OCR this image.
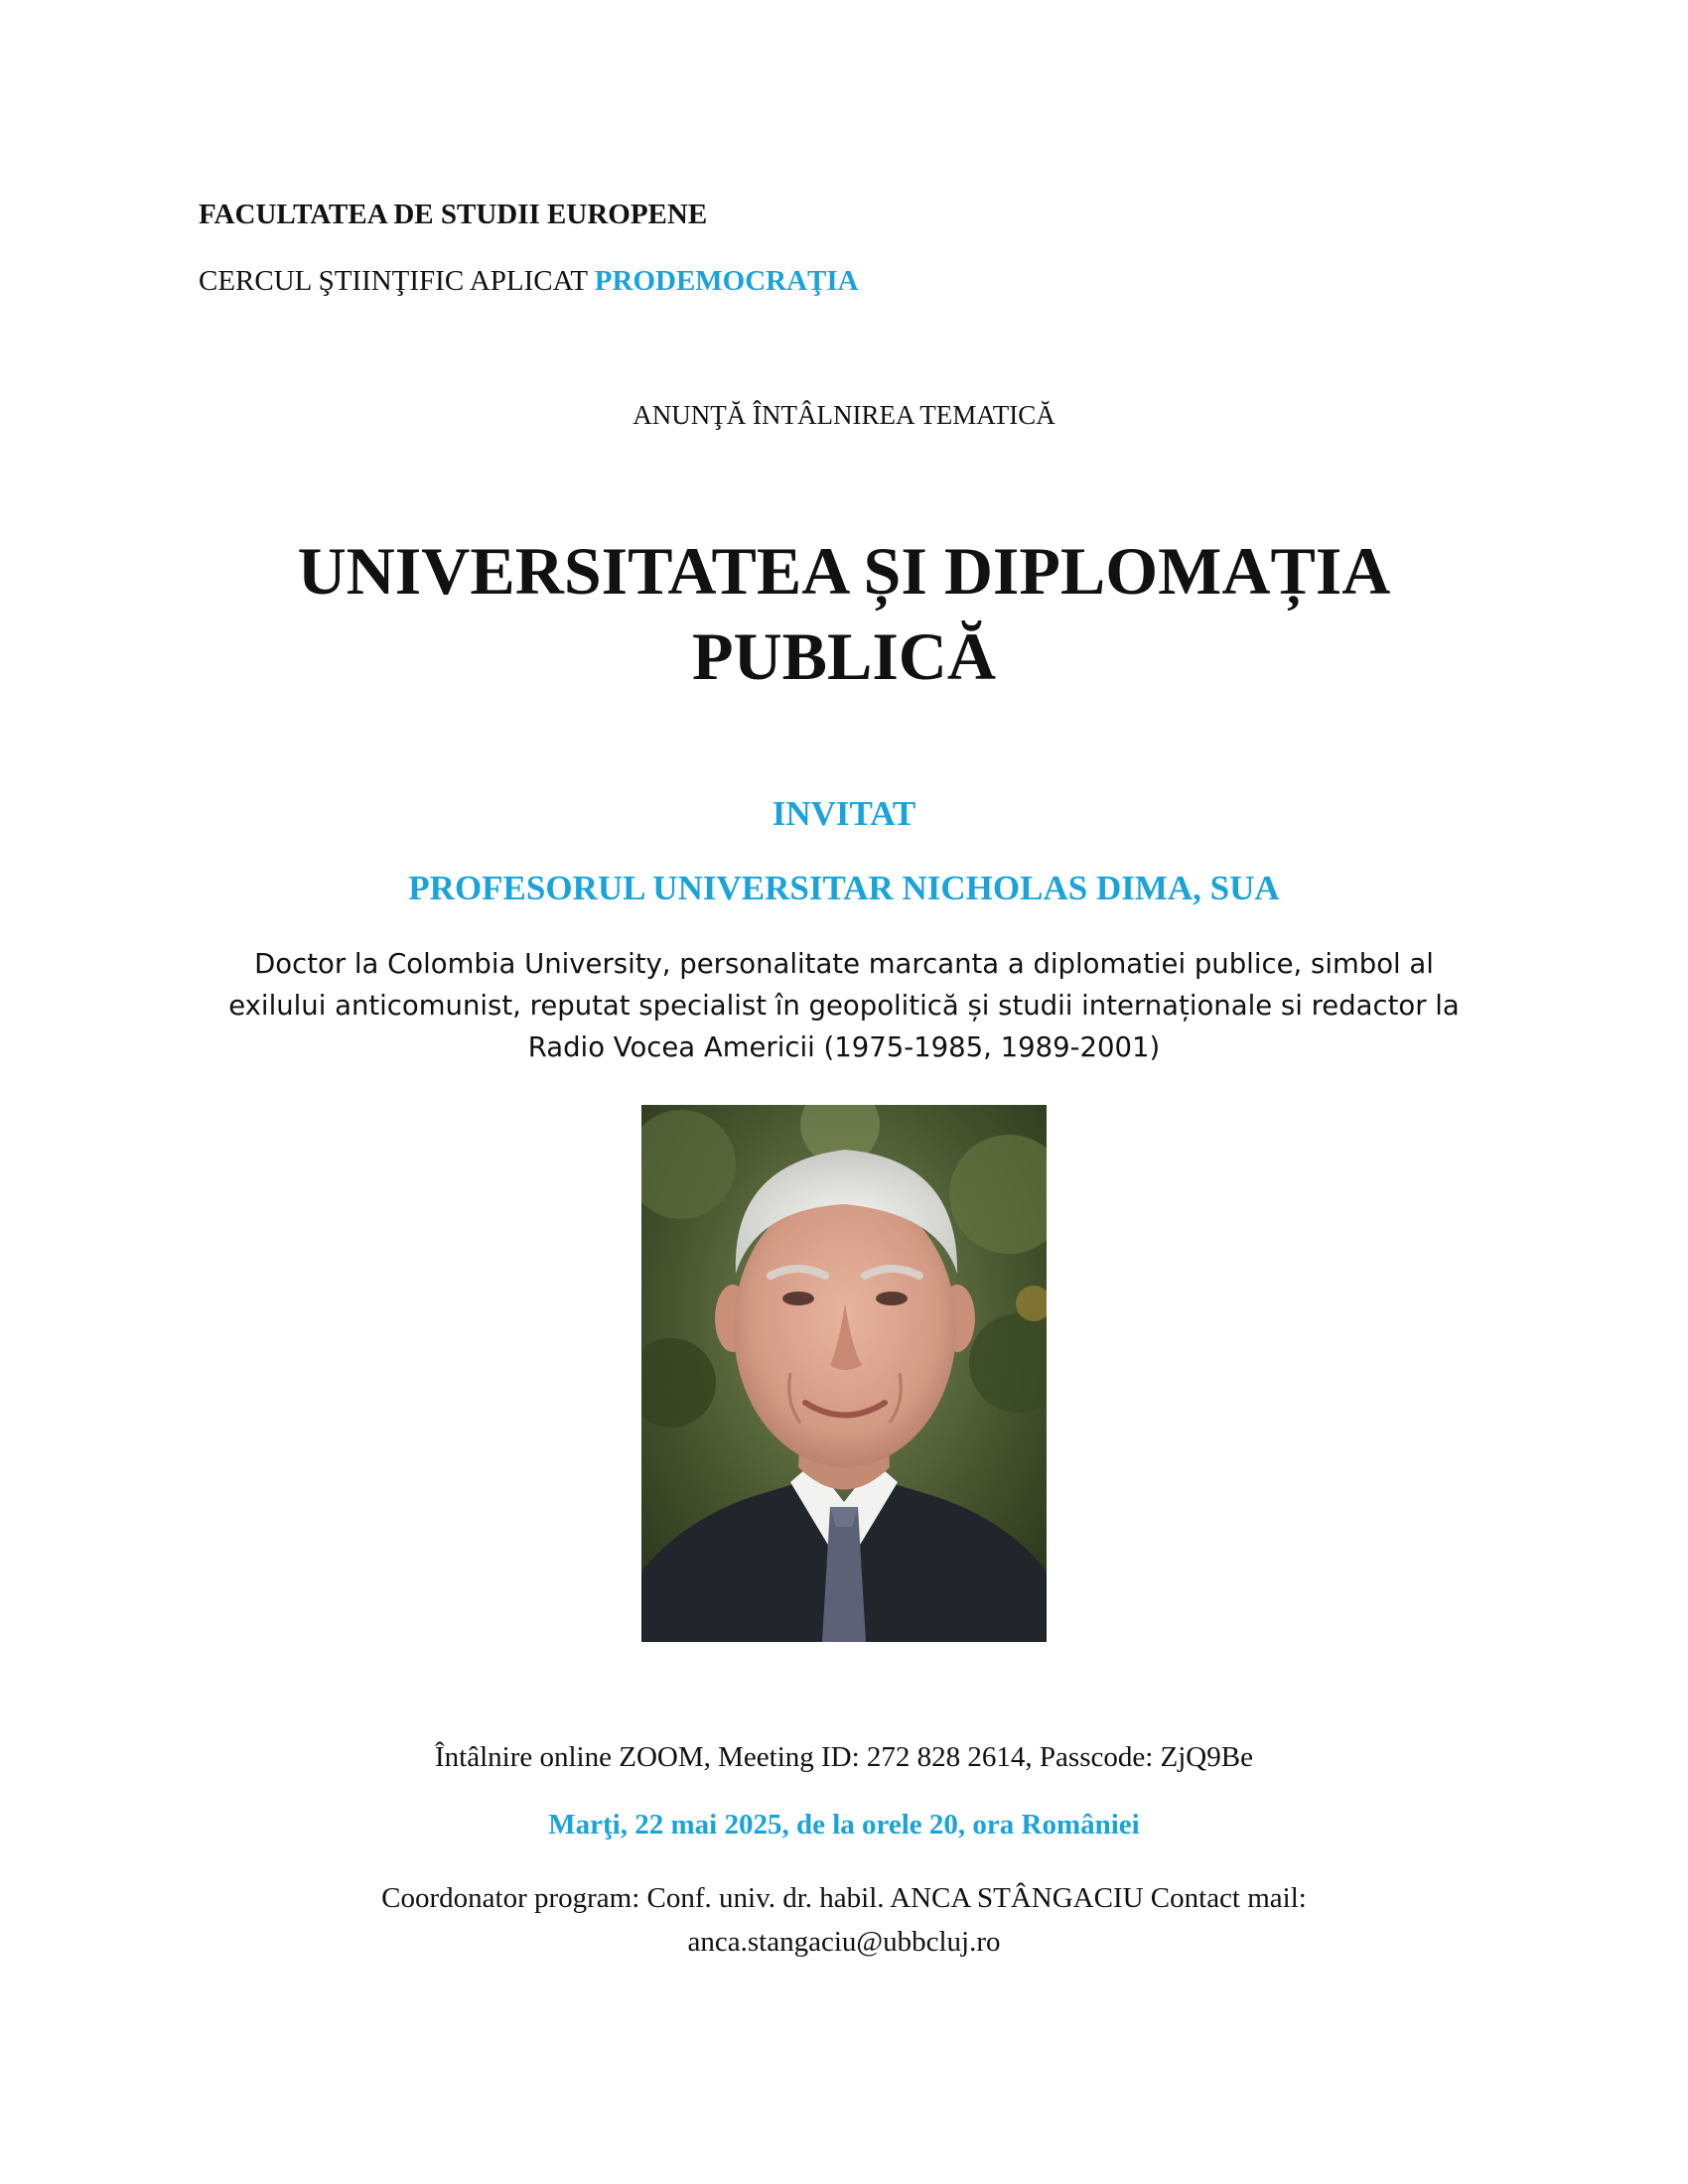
FACULTATEA DE STUDII EUROPENE
CERCUL ŞTIINŢIFIC APLICAT PRODEMOCRAŢIA
ANUNŢĂ ÎNTÂLNIREA TEMATICĂ
UNIVERSITATEA ȘI DIPLOMAȚIA
PUBLICĂ
INVITAT
PROFESORUL UNIVERSITAR NICHOLAS DIMA, SUA
Doctor la Colombia University, personalitate marcanta a diplomatiei publice, simbol al
exilului anticomunist, reputat specialist în geopolitică și studii internaționale si redactor la
Radio Vocea Americii (1975-1985, 1989-2001)
Întâlnire online ZOOM, Meeting ID: 272 828 2614, Passcode: ZjQ9Be
Marţi, 22 mai 2025, de la orele 20, ora României
Coordonator program: Conf. univ. dr. habil. ANCA STÂNGACIU Contact mail:
anca.stangaciu@ubbcluj.ro
